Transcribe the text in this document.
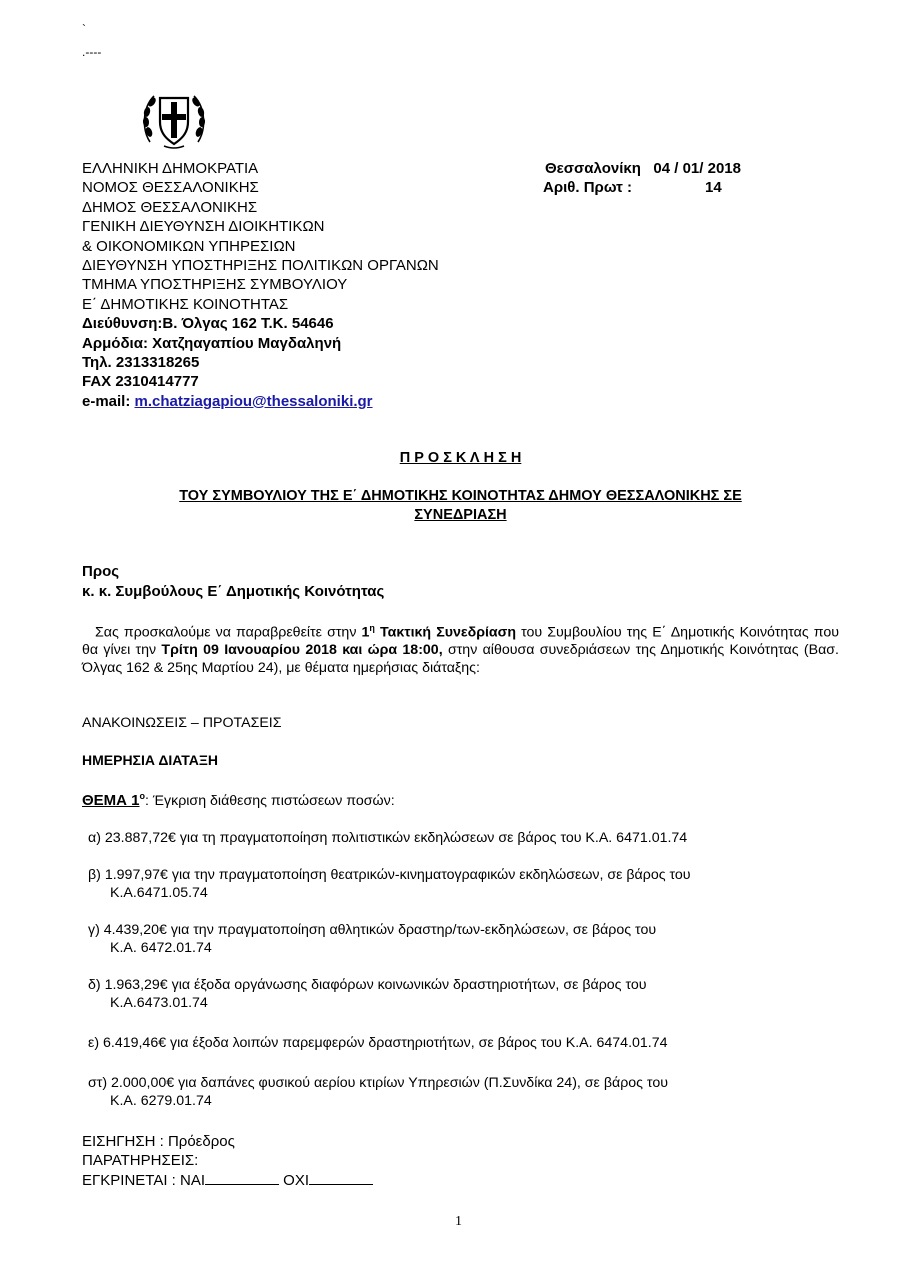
`
.----
ΕΛΛΗΝΙΚΗ ΔΗΜΟΚΡΑΤΙΑ
ΝΟΜΟΣ ΘΕΣΣΑΛΟΝΙΚΗΣ
ΔΗΜΟΣ ΘΕΣΣΑΛΟΝΙΚΗΣ
ΓΕΝΙΚΗ ΔΙΕΥΘΥΝΣΗ ΔΙΟΙΚΗΤΙΚΩΝ
& ΟΙΚΟΝΟΜΙΚΩΝ ΥΠΗΡΕΣΙΩΝ
ΔΙΕΥΘΥΝΣΗ ΥΠΟΣΤΗΡΙΞΗΣ ΠΟΛΙΤΙΚΩΝ ΟΡΓΑΝΩΝ
ΤΜΗΜΑ ΥΠΟΣΤΗΡΙΞΗΣ ΣΥΜΒΟΥΛΙΟΥ
Ε΄ ΔΗΜΟΤΙΚΗΣ ΚΟΙΝΟΤΗΤΑΣ
Διεύθυνση:Β. Όλγας 162 Τ.Κ. 54646
Αρμόδια: Χατζηαγαπίου Μαγδαληνή
Τηλ. 2313318265
FAX 2310414777
e-mail: m.chatziagapiou@thessaloniki.gr
Θεσσαλονίκη 04 / 01/ 2018
Αριθ. Πρωτ :	14
Π Ρ Ο Σ Κ Λ Η Σ Η
ΤΟΥ ΣΥΜΒΟΥΛΙΟΥ ΤΗΣ Ε΄ ΔΗΜΟΤΙΚΗΣ ΚΟΙΝΟΤΗΤΑΣ ΔΗΜΟΥ ΘΕΣΣΑΛΟΝΙΚΗΣ ΣΕ
ΣΥΝΕΔΡΙΑΣΗ
Προς
κ. κ. Συμβούλους Ε΄ Δημοτικής Κοινότητας
Σας προσκαλούμε να παραβρεθείτε στην $1^\eta$ Τακτική Συνεδρίαση του Συμβουλίου της Ε΄ Δημοτικής Κοινότητας που θα γίνει την Τρίτη 09 Ιανουαρίου 2018 και ώρα 18:00, στην αίθουσα συνεδριάσεων της Δημοτικής Κοινότητας (Βασ. Όλγας 162 & 25ης Μαρτίου 24), με θέματα ημερήσιας διάταξης:
ΑΝΑΚΟΙΝΩΣΕΙΣ – ΠΡΟΤΑΣΕΙΣ
ΗΜΕΡΗΣΙΑ ΔΙΑΤΑΞΗ
ΘΕΜΑ $1^o$: Έγκριση διάθεσης πιστώσεων ποσών:
α) 23.887,72€ για τη πραγματοποίηση πολιτιστικών εκδηλώσεων σε βάρος του Κ.Α. 6471.01.74
β) 1.997,97€ για την πραγματοποίηση θεατρικών-κινηματογραφικών εκδηλώσεων, σε βάρος του
Κ.Α.6471.05.74
γ) 4.439,20€ για την πραγματοποίηση αθλητικών δραστηρ/των-εκδηλώσεων, σε βάρος του
Κ.Α. 6472.01.74
δ) 1.963,29€ για έξοδα οργάνωσης διαφόρων κοινωνικών δραστηριοτήτων, σε βάρος του
Κ.Α.6473.01.74
ε) 6.419,46€ για έξοδα λοιπών παρεμφερών δραστηριοτήτων, σε βάρος του Κ.Α. 6474.01.74
στ) 2.000,00€ για δαπάνες φυσικού αερίου κτιρίων Υπηρεσιών (Π.Συνδίκα 24), σε βάρος του
Κ.Α. 6279.01.74
ΕΙΣΗΓΗΣΗ : Πρόεδρος
ΠΑΡΑΤΗΡΗΣΕΙΣ:
ΕΓΚΡΙΝΕΤΑΙ : ΝΑΙ	ΟΧΙ
1
